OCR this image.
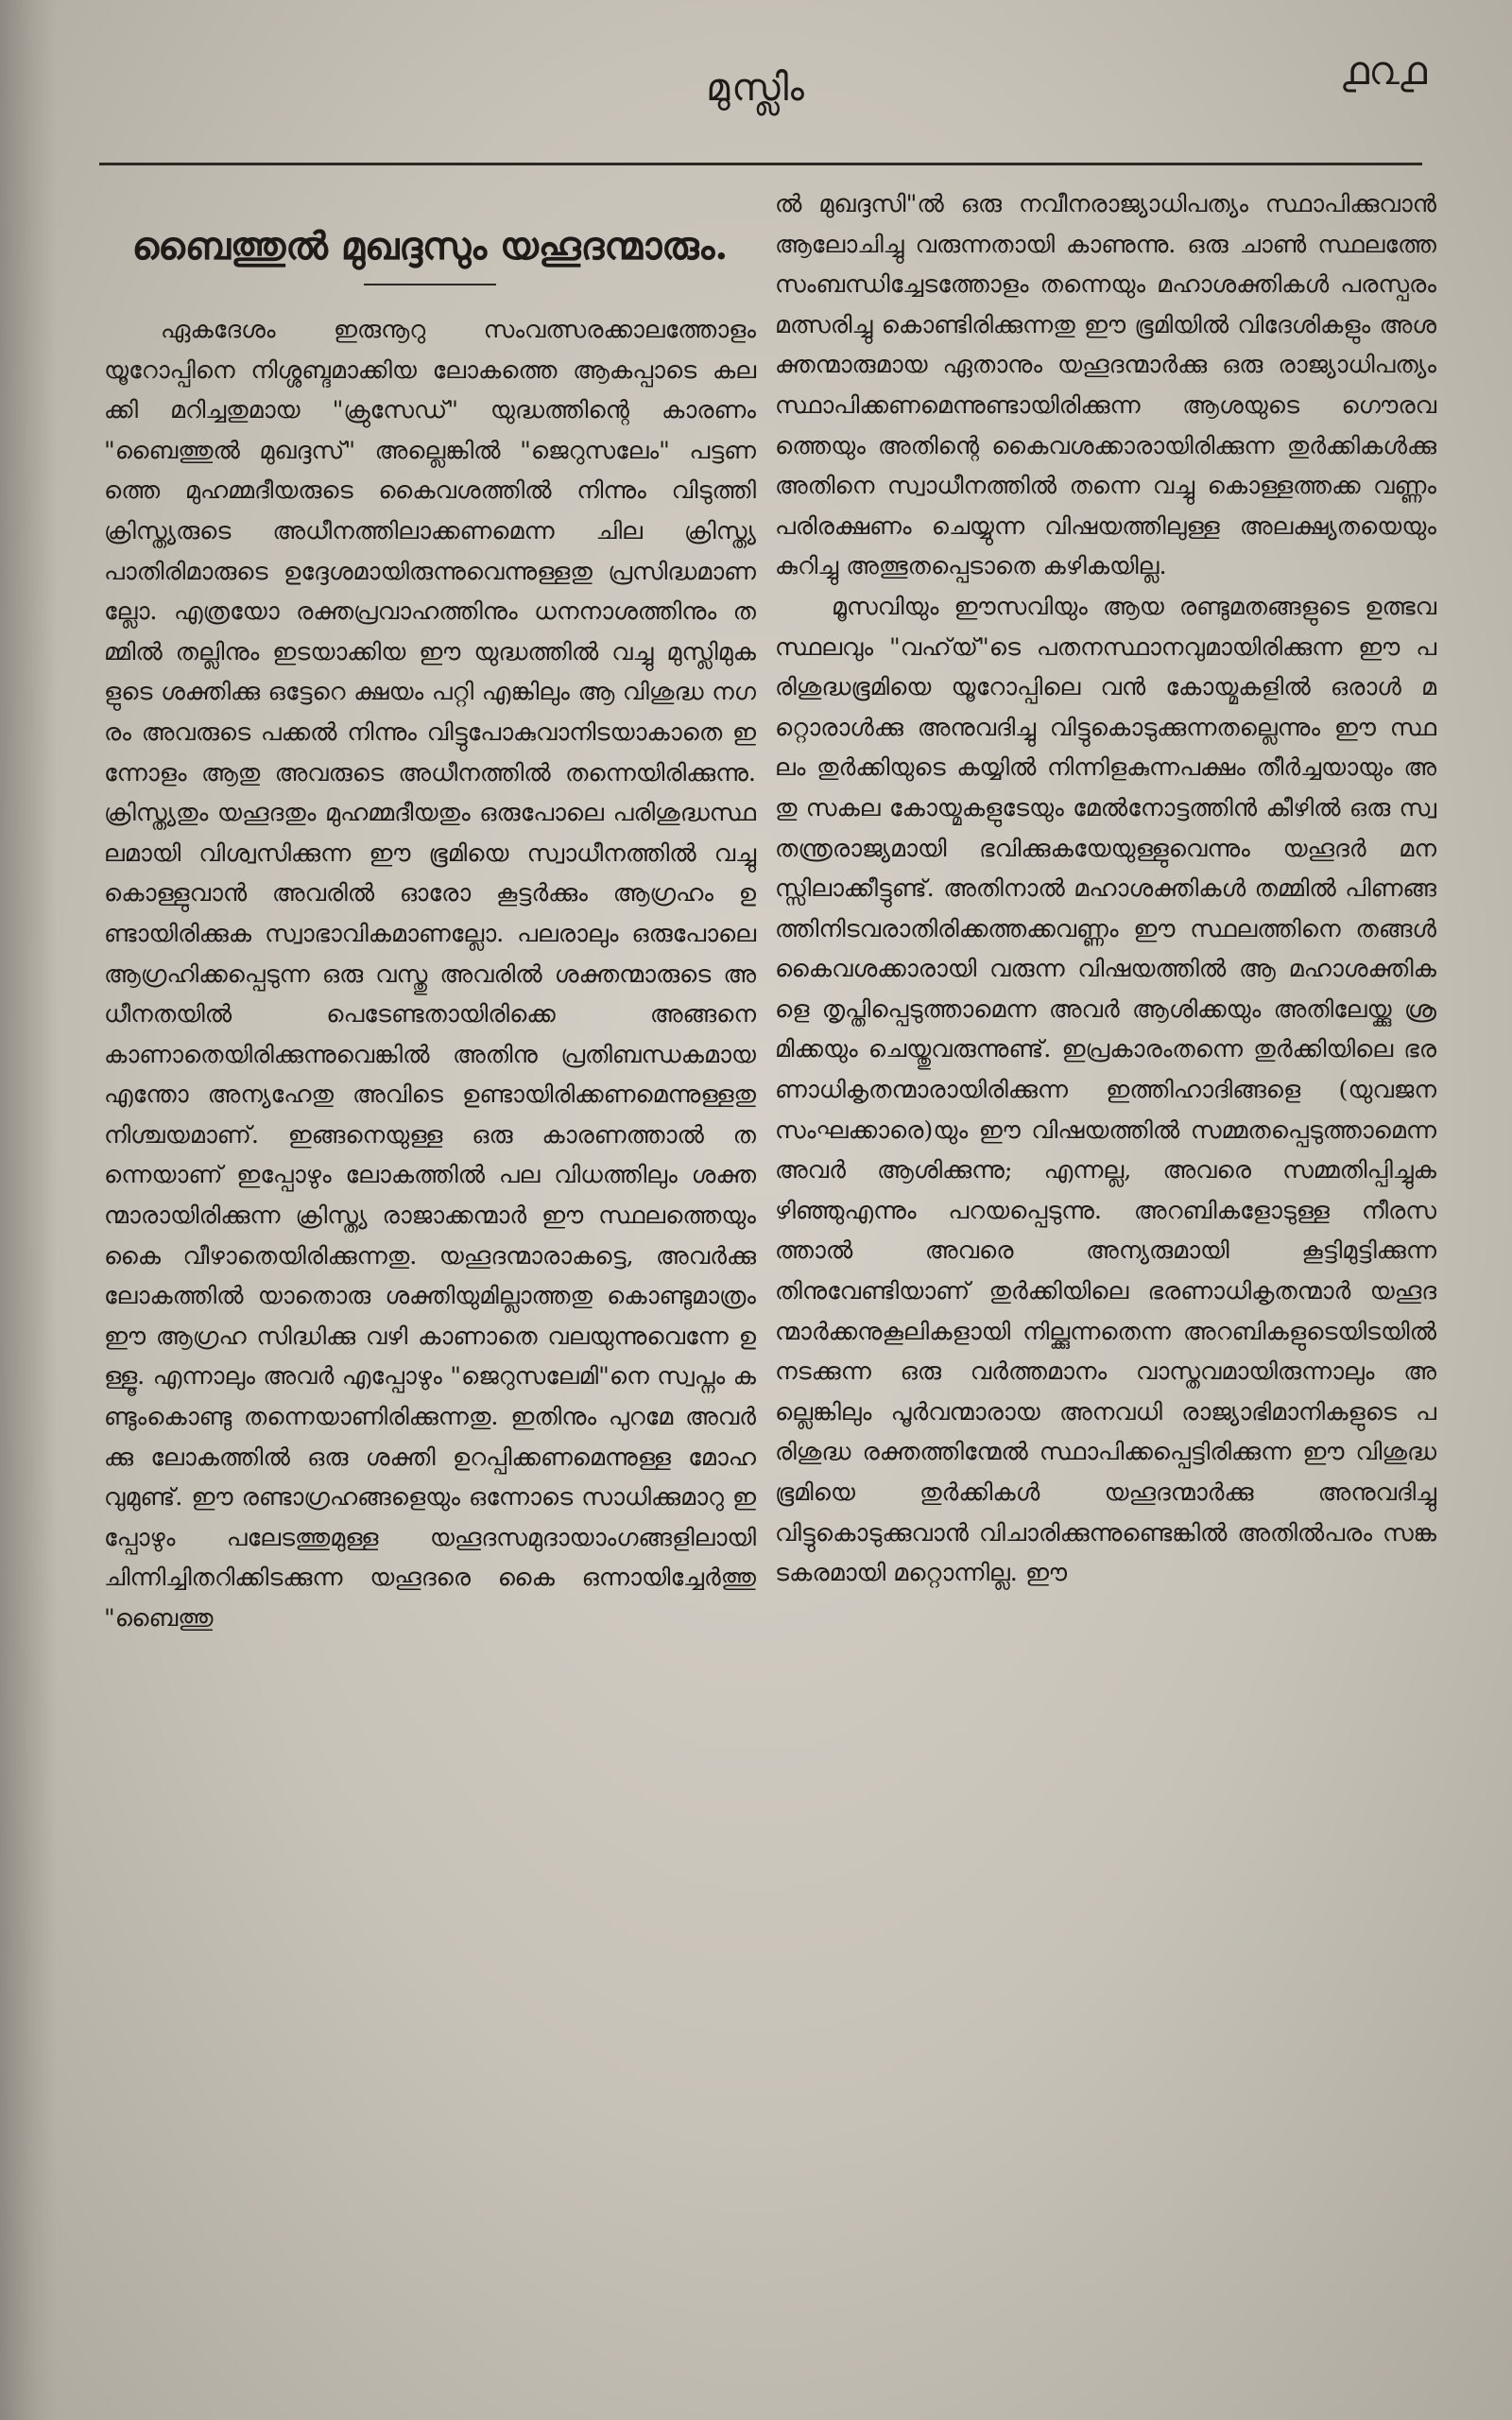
മുസ്ലിം	൧൨൧
ബൈത്തുൽ മുഖദ്ദസും യഹൂദന്മാരും.

ഏകദേശം ഇരുനൂറു സംവത്സരക്കാലത്തോളം യൂറോപ്പിനെ നിശ്ശബ്ദമാക്കിയ ലോകത്തെ ആകപ്പാടെ കലക്കി മറിച്ചതുമായ "ക്രുസേഡ്" യുദ്ധത്തിന്റെ കാരണം "ബൈത്തുൽ മുഖദ്ദസ്" അല്ലെങ്കിൽ "ജെറുസലേം" പട്ടണത്തെ മുഹമ്മദീയരുടെ കൈവശത്തിൽ നിന്നും വിടുത്തി ക്രിസ്ത്യരുടെ അധീനത്തിലാക്കണമെന്ന ചില ക്രിസ്ത്യ പാതിരിമാരുടെ ഉദ്ദേശമായിരുന്നുവെന്നുള്ളതു പ്രസിദ്ധമാണല്ലോ. എത്രയോ രക്തപ്രവാഹത്തിനും ധനനാശത്തിനും തമ്മിൽ തല്ലിനും ഇടയാക്കിയ ഈ യുദ്ധത്തിൽ വച്ചു മുസ്ലിമുകളുടെ ശക്തിക്കു ഒട്ടേറെ ക്ഷയം പറ്റി എങ്കിലും ആ വിശുദ്ധ നഗരം അവരുടെ പക്കൽ നിന്നും വിട്ടുപോകുവാനിടയാകാതെ ഇന്നോളം ആതു അവരുടെ അധീനത്തിൽ തന്നെയിരിക്കുന്നു. ക്രിസ്ത്യതും യഹൂദതും മുഹമ്മദീയതും ഒരുപോലെ പരിശുദ്ധസ്ഥലമായി വിശ്വസിക്കുന്ന ഈ ഭൂമിയെ സ്വാധീനത്തിൽ വച്ചു കൊള്ളുവാൻ അവരിൽ ഓരോ കൂട്ടർക്കും ആഗ്രഹം ഉണ്ടായിരിക്കുക സ്വാഭാവികമാണല്ലോ. പലരാലും ഒരുപോലെ ആഗ്രഹിക്കപ്പെടുന്ന ഒരു വസ്തു അവരിൽ ശക്തന്മാരുടെ അധീനതയിൽ പെടേണ്ടതായിരിക്കെ അങ്ങനെ കാണാതെയിരിക്കുന്നുവെങ്കിൽ അതിനു പ്രതിബന്ധകമായ എന്തോ അന്യഹേതു അവിടെ ഉണ്ടായിരിക്കണമെന്നുള്ളതു നിശ്ചയമാണ്. ഇങ്ങനെയുള്ള ഒരു കാരണത്താൽ തന്നെയാണ് ഇപ്പോഴും ലോകത്തിൽ പല വിധത്തിലും ശക്തന്മാരായിരിക്കുന്ന ക്രിസ്ത്യ രാജാക്കന്മാർ ഈ സ്ഥലത്തെയും കൈ വീഴാതെയിരിക്കുന്നതു. യഹൂദന്മാരാകട്ടെ, അവർക്കു ലോകത്തിൽ യാതൊരു ശക്തിയുമില്ലാത്തതു കൊണ്ടുമാത്രം ഈ ആഗ്രഹ സിദ്ധിക്കു വഴി കാണാതെ വലയുന്നുവെന്നേ ഉള്ളൂ. എന്നാലും അവർ എപ്പോഴും "ജെറുസലേമി"നെ സ്വപ്നം കണ്ടുംകൊണ്ടു തന്നെയാണിരിക്കുന്നതു. ഇതിനും പുറമേ അവർക്കു ലോകത്തിൽ ഒരു ശക്തി ഉറപ്പിക്കണമെന്നുള്ള മോഹവുമുണ്ട്. ഈ രണ്ടാഗ്രഹങ്ങളെയും ഒന്നോടെ സാധിക്കുമാറു ഇപ്പോഴും പലേടത്തുമുള്ള യഹൂദസമുദായാംഗങ്ങളിലായി ചിന്നിച്ചിതറിക്കിടക്കുന്ന യഹൂദരെ കൈ ഒന്നായിച്ചേർത്തു "ബൈത്തു

ൽ മുഖദ്ദസി"ൽ ഒരു നവീനരാജ്യാധിപത്യം സ്ഥാപിക്കുവാൻ ആലോചിച്ചു വരുന്നതായി കാണുന്നു. ഒരു ചാൺ സ്ഥലത്തേ സംബന്ധിച്ചേടത്തോളം തന്നെയും മഹാശക്തികൾ പരസ്പരം മത്സരിച്ചു കൊണ്ടിരിക്കുന്നതു ഈ ഭൂമിയിൽ വിദേശികളും അശക്തന്മാരുമായ ഏതാനും യഹൂദന്മാർക്കു ഒരു രാജ്യാധിപത്യം സ്ഥാപിക്കണമെന്നുണ്ടായിരിക്കുന്ന ആശയുടെ ഗൌരവത്തെയും അതിന്റെ കൈവശക്കാരായിരിക്കുന്ന തുർക്കികൾക്കു അതിനെ സ്വാധീനത്തിൽ തന്നെ വച്ചു കൊള്ളത്തക്ക വണ്ണം പരിരക്ഷണം ചെയ്യുന്ന വിഷയത്തിലുള്ള അലക്ഷ്യതയെയും കുറിച്ചു അത്ഭുതപ്പെടാതെ കഴികയില്ല.

മൂസവിയും ഈസവിയും ആയ രണ്ടുമതങ്ങളുടെ ഉത്ഭവസ്ഥലവും "വഹ്‌യ്"ടെ പതനസ്ഥാനവുമായിരിക്കുന്ന ഈ പരിശുദ്ധഭൂമിയെ യൂറോപ്പിലെ വൻ കോയ്മകളിൽ ഒരാൾ മറ്റൊരാൾക്കു അനുവദിച്ചു വിട്ടുകൊടുക്കുന്നതല്ലെന്നും ഈ സ്ഥലം തുർക്കിയുടെ കയ്യിൽ നിന്നിളകുന്നപക്ഷം തീർച്ചയായും അതു സകല കോയ്മകളുടേയും മേൽനോട്ടത്തിൻ കീഴിൽ ഒരു സ്വതന്ത്രരാജ്യമായി ഭവിക്കുകയേയുള്ളുവെന്നും യഹൂദർ മനസ്സിലാക്കീട്ടുണ്ട്. അതിനാൽ മഹാശക്തികൾ തമ്മിൽ പിണങ്ങത്തിനിടവരാതിരിക്കത്തക്കവണ്ണം ഈ സ്ഥലത്തിനെ തങ്ങൾ കൈവശക്കാരായി വരുന്ന വിഷയത്തിൽ ആ മഹാശക്തികളെ തൃപ്തിപ്പെടുത്താമെന്ന അവർ ആശിക്കയും അതിലേയ്ക്കു ശ്രമിക്കയും ചെയ്തുവരുന്നുണ്ട്. ഇപ്രകാരംതന്നെ തുർക്കിയിലെ ഭരണാധികൃതന്മാരായിരിക്കുന്ന ഇത്തിഹാദിങ്ങളെ (യുവജനസംഘക്കാരെ)യും ഈ വിഷയത്തിൽ സമ്മതപ്പെടുത്താമെന്ന അവർ ആശിക്കുന്നു; എന്നല്ല, അവരെ സമ്മതിപ്പിച്ചുകഴിഞ്ഞുഎന്നും പറയപ്പെടുന്നു. അറബികളോടുള്ള നീരസത്താൽ അവരെ അന്യരുമായി കൂട്ടിമുട്ടിക്കുന്നതിനുവേണ്ടിയാണ് തുർക്കിയിലെ ഭരണാധികൃതന്മാർ യഹൂദന്മാർക്കനുകൂലികളായി നില്ക്കുന്നതെന്ന അറബികളുടെയിടയിൽ നടക്കുന്ന ഒരു വർത്തമാനം വാസ്തവമായിരുന്നാലും അല്ലെങ്കിലും പൂർവന്മാരായ അനവധി രാജ്യാഭിമാനികളുടെ പരിശുദ്ധ രക്തത്തിന്മേൽ സ്ഥാപിക്കപ്പെട്ടിരിക്കുന്ന ഈ വിശുദ്ധഭൂമിയെ തുർക്കികൾ യഹൂദന്മാർക്കു അനുവദിച്ചു വിട്ടുകൊടുക്കുവാൻ വിചാരിക്കുന്നുണ്ടെങ്കിൽ അതിൽപരം സങ്കടകരമായി മറ്റൊന്നില്ല. ഈ
